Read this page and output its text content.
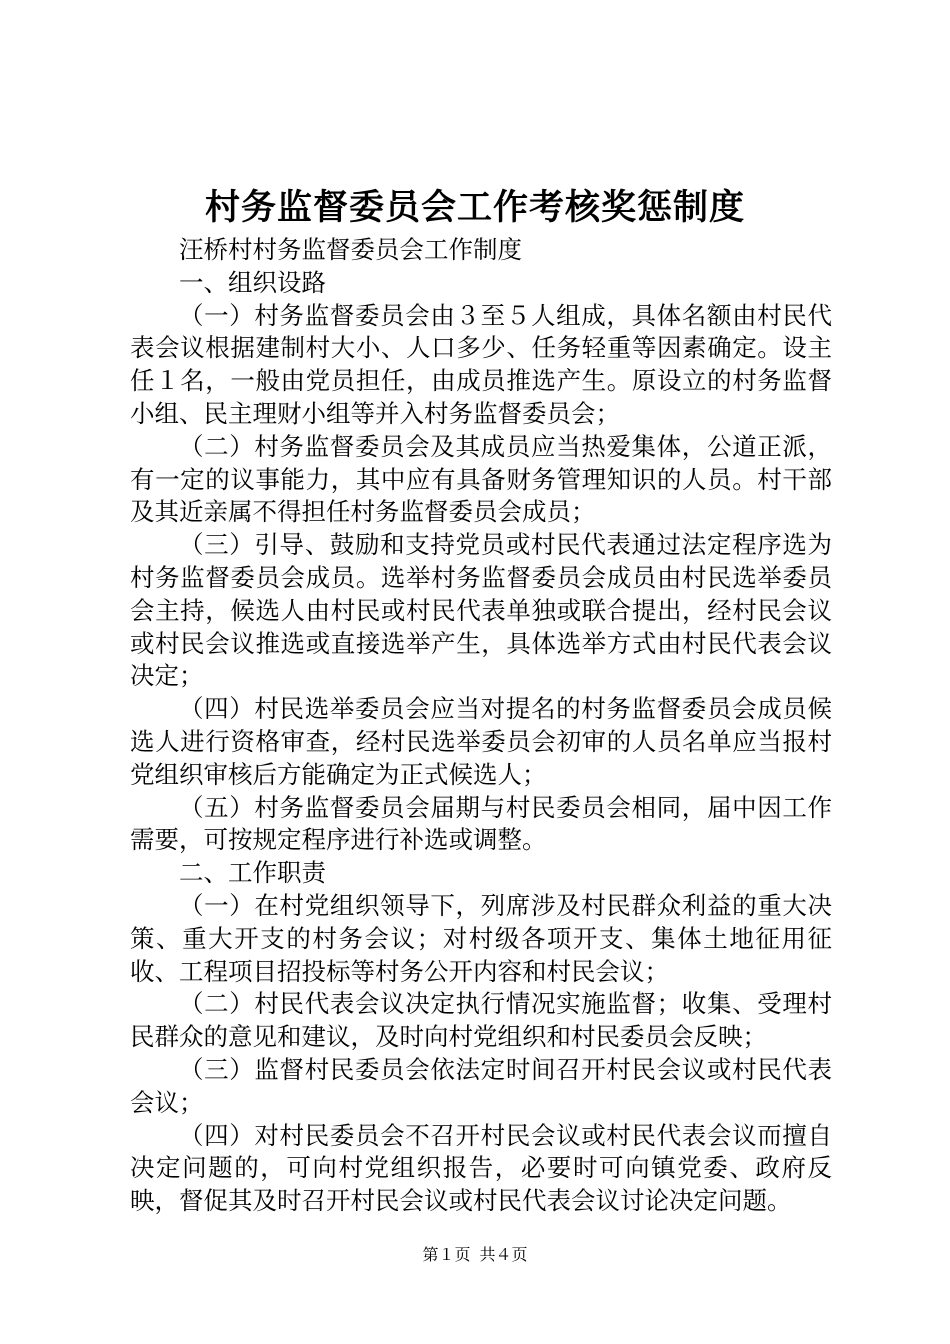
村务监督委员会工作考核奖惩制度

汪桥村村务监督委员会工作制度

一、组织设路

（一）村务监督委员会由３至５人组成，具体名额由村民代表会议根据建制村大小、人口多少、任务轻重等因素确定。设主任１名，一般由党员担任，由成员推选产生。原设立的村务监督小组、民主理财小组等并入村务监督委员会；

（二）村务监督委员会及其成员应当热爱集体，公道正派，有一定的议事能力，其中应有具备财务管理知识的人员。村干部及其近亲属不得担任村务监督委员会成员；

（三）引导、鼓励和支持党员或村民代表通过法定程序选为村务监督委员会成员。选举村务监督委员会成员由村民选举委员会主持，候选人由村民或村民代表单独或联合提出，经村民会议或村民会议推选或直接选举产生，具体选举方式由村民代表会议决定；

（四）村民选举委员会应当对提名的村务监督委员会成员候选人进行资格审查，经村民选举委员会初审的人员名单应当报村党组织审核后方能确定为正式候选人；

（五）村务监督委员会届期与村民委员会相同，届中因工作需要，可按规定程序进行补选或调整。

二、工作职责

（一）在村党组织领导下，列席涉及村民群众利益的重大决策、重大开支的村务会议；对村级各项开支、集体土地征用征收、工程项目招投标等村务公开内容和村民会议；

（二）村民代表会议决定执行情况实施监督；收集、受理村民群众的意见和建议，及时向村党组织和村民委员会反映；

（三）监督村民委员会依法定时间召开村民会议或村民代表会议；

（四）对村民委员会不召开村民会议或村民代表会议而擅自决定问题的，可向村党组织报告，必要时可向镇党委、政府反映，督促其及时召开村民会议或村民代表会议讨论决定问题。

第１页 共４页
